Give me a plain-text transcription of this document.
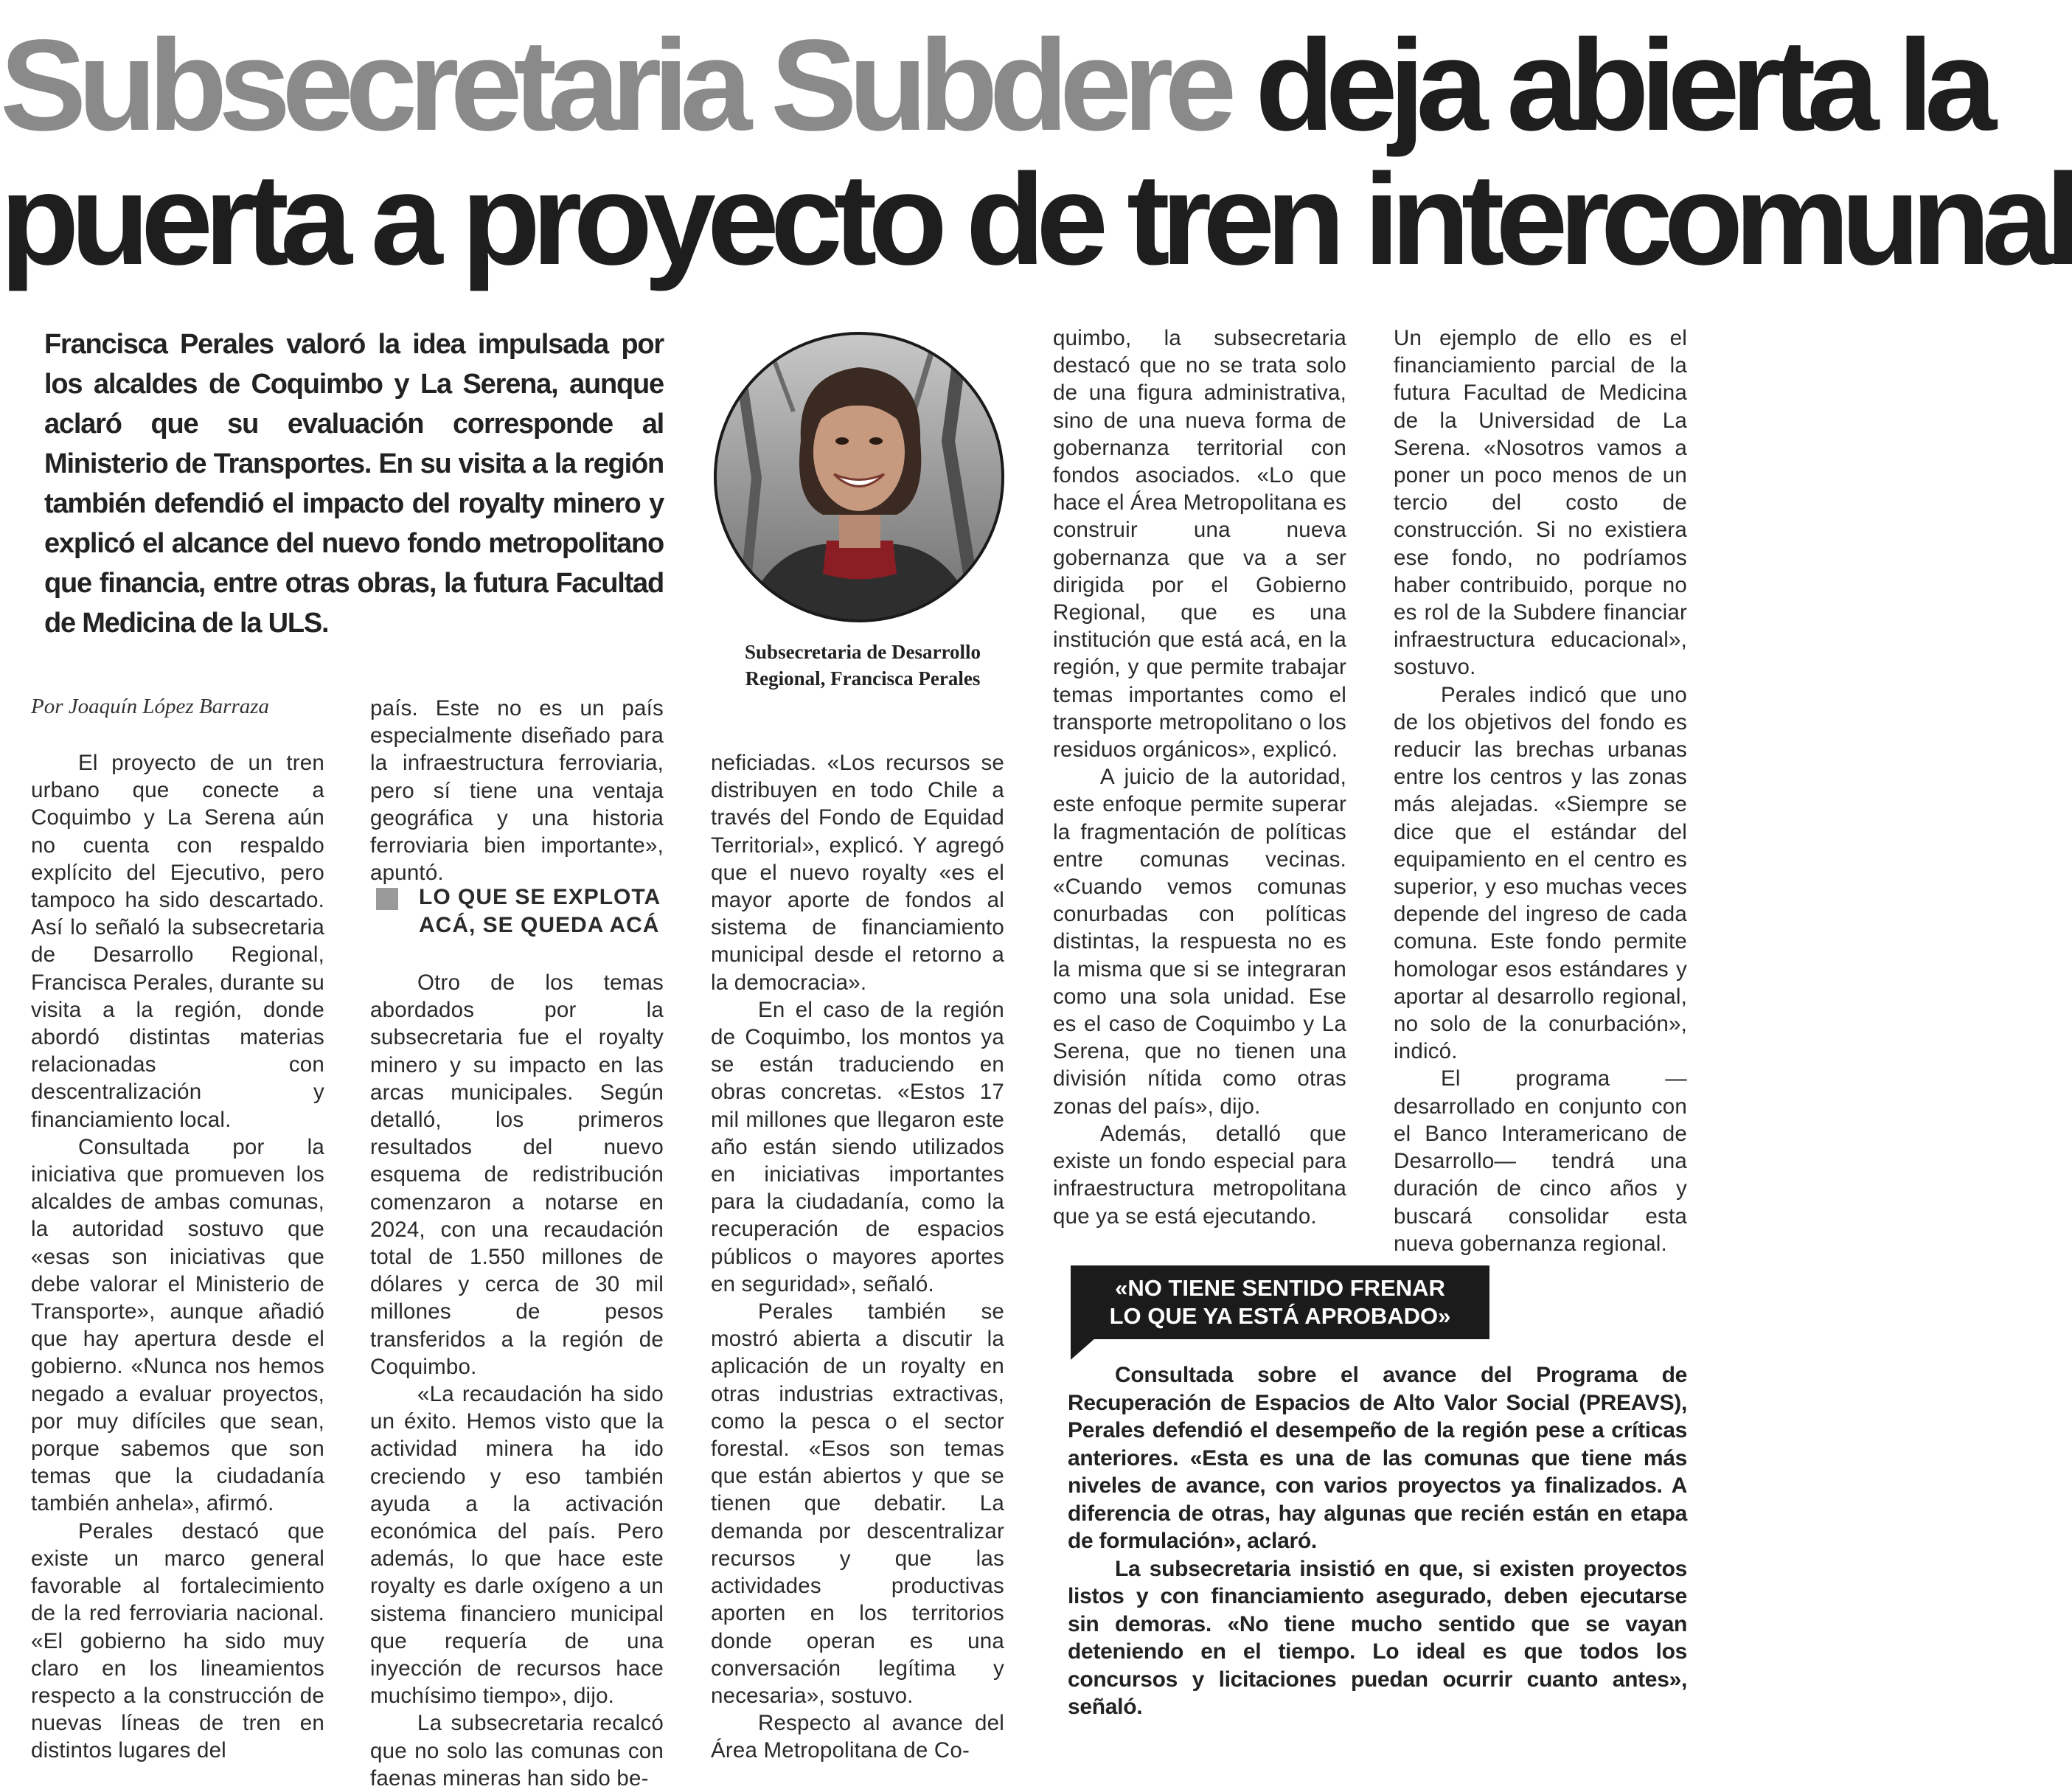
Subsecretaria Subdere deja abierta la
puerta a proyecto de tren intercomunal

Francisca Perales valoró la idea impulsada por los alcaldes de Coquimbo y La Serena, aunque aclaró que su evaluación corresponde al Ministerio de Transportes. En su visita a la región también defendió el impacto del royalty minero y explicó el alcance del nuevo fondo metropolitano que financia, entre otras obras, la futura Facultad de Medicina de la ULS.

Subsecretaria de Desarrollo
Regional, Francisca Perales
Por Joaquín López Barraza

El proyecto de un tren urbano que conecte a Coquimbo y La Serena aún no cuenta con respaldo explícito del Ejecutivo, pero tampoco ha sido descartado. Así lo señaló la subsecretaria de Desarrollo Regional, Francisca Perales, durante su visita a la región, donde abordó distintas materias relacionadas con descentralización y financiamiento local.

Consultada por la iniciativa que promueven los alcaldes de ambas comunas, la autoridad sostuvo que «esas son iniciativas que debe valorar el Ministerio de Transporte», aunque añadió que hay apertura desde el gobierno. «Nunca nos hemos negado a evaluar proyectos, por muy difíciles que sean, porque sabemos que son temas que la ciudadanía también anhela», afirmó.

Perales destacó que existe un marco general favorable al fortalecimiento de la red ferroviaria nacional. «El gobierno ha sido muy claro en los lineamientos respecto a la construcción de nuevas líneas de tren en distintos lugares del

país. Este no es un país especialmente diseñado para la infraestructura ferroviaria, pero sí tiene una ventaja geográfica y una historia ferroviaria bien importante», apuntó.

LO QUE SE EXPLOTA ACÁ, SE QUEDA ACÁ

Otro de los temas abordados por la subsecretaria fue el royalty minero y su impacto en las arcas municipales. Según detalló, los primeros resultados del nuevo esquema de redistribución comenzaron a notarse en 2024, con una recaudación total de 1.550 millones de dólares y cerca de 30 mil millones de pesos transferidos a la región de Coquimbo.

«La recaudación ha sido un éxito. Hemos visto que la actividad minera ha ido creciendo y eso también ayuda a la activación económica del país. Pero además, lo que hace este royalty es darle oxígeno a un sistema financiero municipal que requería de una inyección de recursos hace muchísimo tiempo», dijo.

La subsecretaria recalcó que no solo las comunas con faenas mineras han sido be-

neficiadas. «Los recursos se distribuyen en todo Chile a través del Fondo de Equidad Territorial», explicó. Y agregó que el nuevo royalty «es el mayor aporte de fondos al sistema de financiamiento municipal desde el retorno a la democracia».

En el caso de la región de Coquimbo, los montos ya se están traduciendo en obras concretas. «Estos 17 mil millones que llegaron este año están siendo utilizados en iniciativas importantes para la ciudadanía, como la recuperación de espacios públicos o mayores aportes en seguridad», señaló.

Perales también se mostró abierta a discutir la aplicación de un royalty en otras industrias extractivas, como la pesca o el sector forestal. «Esos son temas que están abiertos y que se tienen que debatir. La demanda por descentralizar recursos y que las actividades productivas aporten en los territorios donde operan es una conversación legítima y necesaria», sostuvo.

Respecto al avance del Área Metropolitana de Co-

quimbo, la subsecretaria destacó que no se trata solo de una figura administrativa, sino de una nueva forma de gobernanza territorial con fondos asociados. «Lo que hace el Área Metropolitana es construir una nueva gobernanza que va a ser dirigida por el Gobierno Regional, que es una institución que está acá, en la región, y que permite trabajar temas importantes como el transporte metropolitano o los residuos orgánicos», explicó.

A juicio de la autoridad, este enfoque permite superar la fragmentación de políticas entre comunas vecinas. «Cuando vemos comunas conurbadas con políticas distintas, la respuesta no es la misma que si se integraran como una sola unidad. Ese es el caso de Coquimbo y La Serena, que no tienen una división nítida como otras zonas del país», dijo.

Además, detalló que existe un fondo especial para infraestructura metropolitana que ya se está ejecutando.

Un ejemplo de ello es el financiamiento parcial de la futura Facultad de Medicina de la Universidad de La Serena. «Nosotros vamos a poner un poco menos de un tercio del costo de construcción. Si no existiera ese fondo, no podríamos haber contribuido, porque no es rol de la Subdere financiar infraestructura educacional», sostuvo.

Perales indicó que uno de los objetivos del fondo es reducir las brechas urbanas entre los centros y las zonas más alejadas. «Siempre se dice que el estándar del equipamiento en el centro es superior, y eso muchas veces depende del ingreso de cada comuna. Este fondo permite homologar esos estándares y aportar al desarrollo regional, no solo de la conurbación», indicó.

El programa —desarrollado en conjunto con el Banco Interamericano de Desarrollo— tendrá una duración de cinco años y buscará consolidar esta nueva gobernanza regional.

«NO TIENE SENTIDO FRENAR LO QUE YA ESTÁ APROBADO»

Consultada sobre el avance del Programa de Recuperación de Espacios de Alto Valor Social (PREAVS), Perales defendió el desempeño de la región pese a críticas anteriores. «Esta es una de las comunas que tiene más niveles de avance, con varios proyectos ya finalizados. A diferencia de otras, hay algunas que recién están en etapa de formulación», aclaró.

La subsecretaria insistió en que, si existen proyectos listos y con financiamiento asegurado, deben ejecutarse sin demoras. «No tiene mucho sentido que se vayan deteniendo en el tiempo. Lo ideal es que todos los concursos y licitaciones puedan ocurrir cuanto antes», señaló.
